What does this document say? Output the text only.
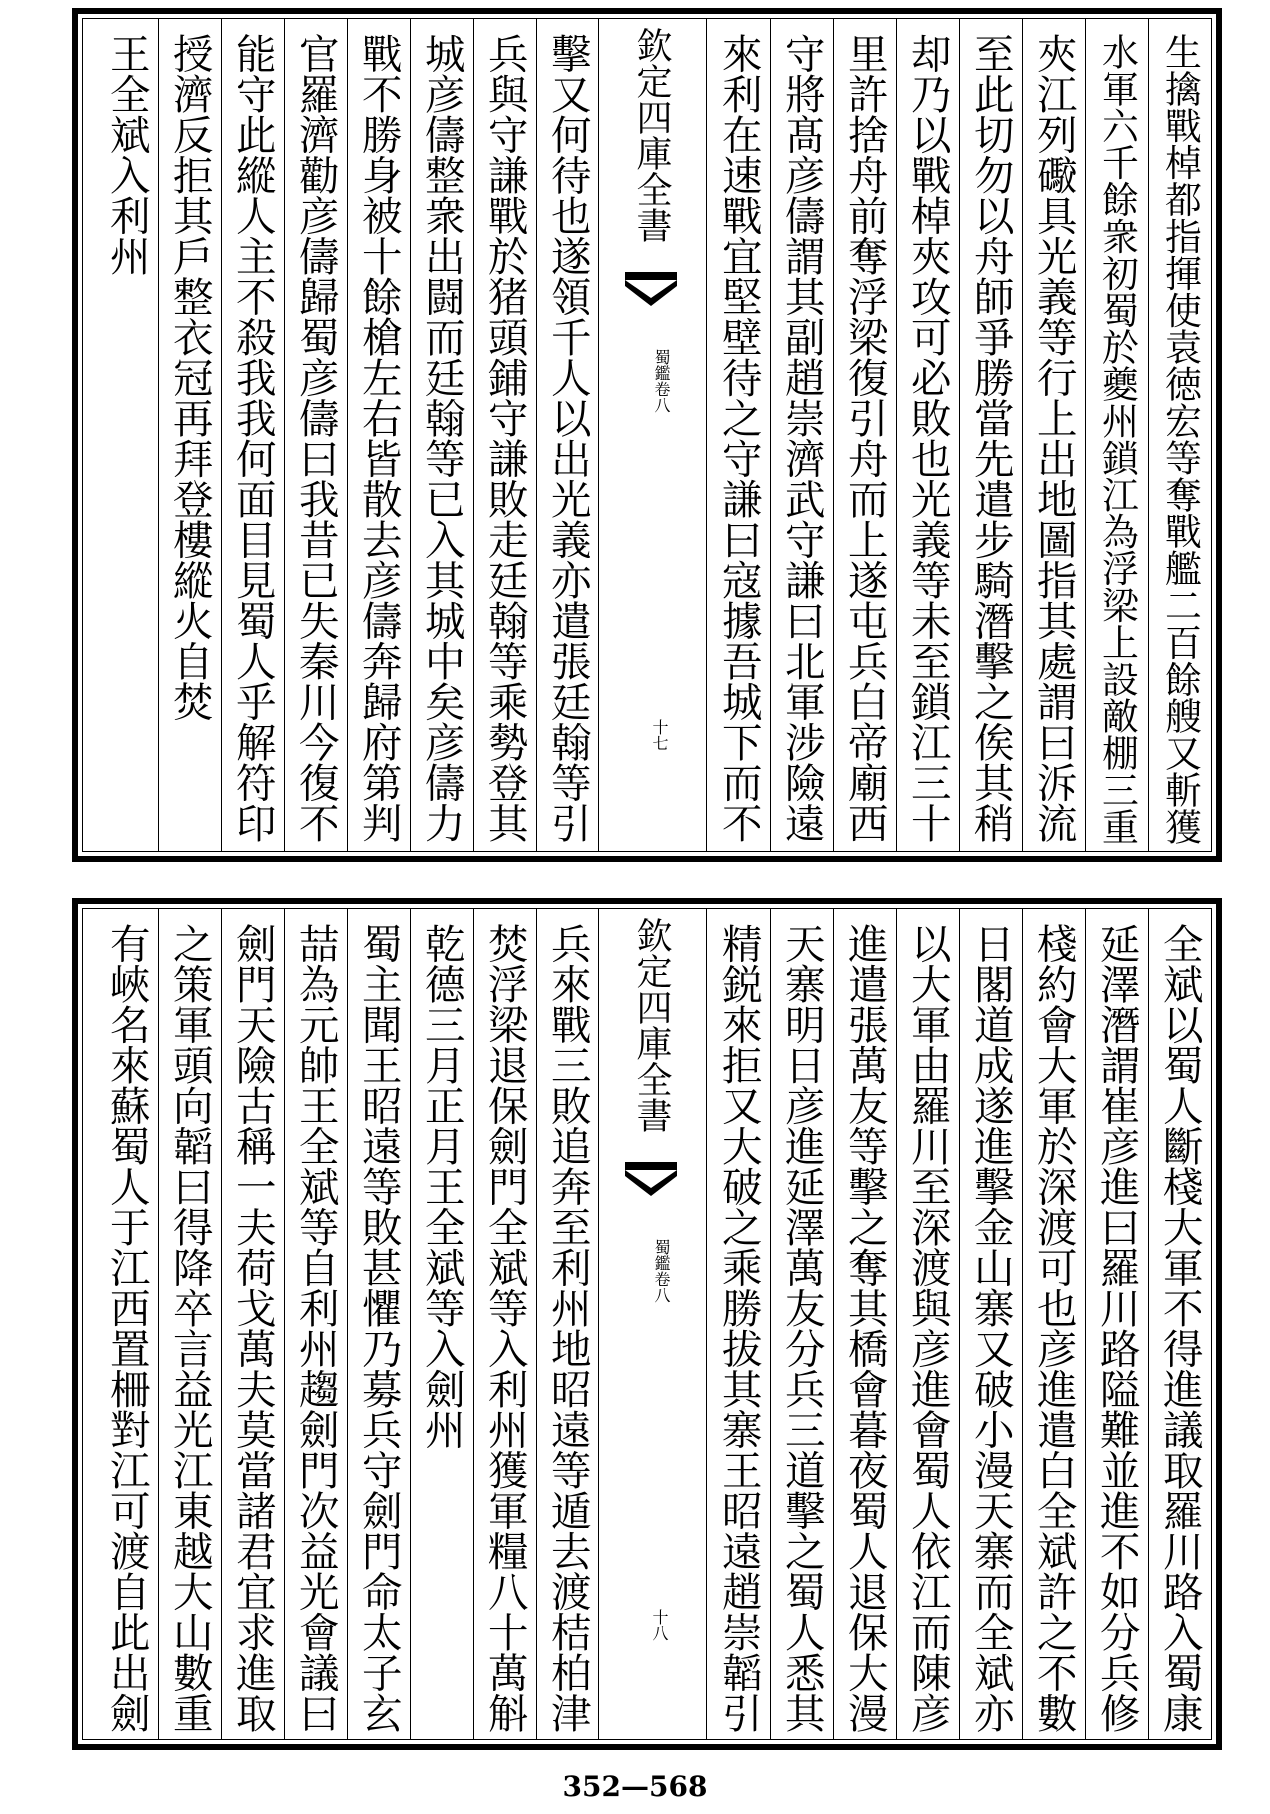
生擒戰棹都指揮使袁徳宏等奪戰艦二百餘艘又斬獲
水軍六千餘衆初蜀於夔州鎖江為浮梁上設敵棚三重
夾江列礮具光義等行上出地圖指其處謂曰泝流
至此切勿以舟師爭勝當先遣步騎潛擊之俟其稍
却乃以戰棹夾攻可必敗也光義等未至鎖江三十
里許捨舟前奪浮梁復引舟而上遂屯兵白帝廟西
守將髙彦儔謂其副趙崇濟武守謙曰北軍涉險遠
來利在速戰宜堅壁待之守謙曰寇據吾城下而不
欽定四庫全書
蜀鑑
卷八
十七
擊又何待也遂領千人以出光義亦遣張廷翰等引
兵與守謙戰於猪頭鋪守謙敗走廷翰等乘勢登其
城彦儔整衆出闘而廷翰等已入其城中矣彦儔力
戰不勝身被十餘槍左右皆散去彦儔奔歸府第判
官羅濟勸彦儔歸蜀彦儔曰我昔已失秦川今復不
能守此縱人主不殺我我何面目見蜀人乎解符印
授濟反拒其戶整衣冠再拜登樓縱火自焚
王全斌入利州
全斌以蜀人斷棧大軍不得進議取羅川路入蜀康
延澤潛謂崔彦進曰羅川路隘難並進不如分兵修
棧約會大軍於深渡可也彦進遣白全斌許之不數
日閣道成遂進擊金山寨又破小漫天寨而全斌亦
以大軍由羅川至深渡與彦進會蜀人依江而陳彦
進遣張萬友等擊之奪其橋會暮夜蜀人退保大漫
天寨明日彦進延澤萬友分兵三道擊之蜀人悉其
精鋭來拒又大破之乘勝拔其寨王昭遠趙崇韜引
欽定四庫全書
蜀鑑
卷八
十八
兵來戰三敗追奔至利州地昭遠等遁去渡桔柏津
焚浮梁退保劍門全斌等入利州獲軍糧八十萬斛
乾德三月正月王全斌等入劍州
蜀主聞王昭遠等敗甚懼乃募兵守劍門命太子玄
喆為元帥王全斌等自利州趨劍門次益光會議曰
劍門天險古稱一夫荷戈萬夫莫當諸君宜求進取
之策軍頭向韜曰得降卒言益光江東越大山數重
有峽名來蘇蜀人于江西置柵對江可渡自此出劍
352—568
